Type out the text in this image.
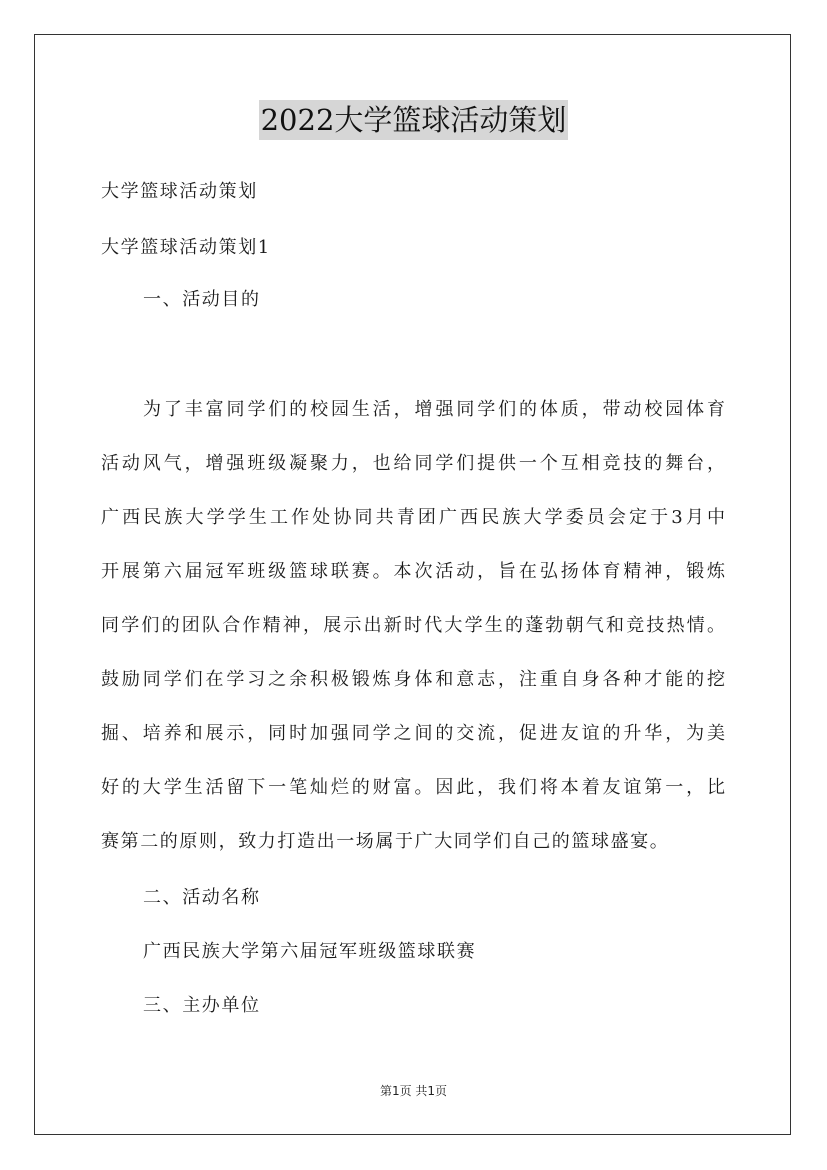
2022大学篮球活动策划
大学篮球活动策划
大学篮球活动策划1
一、活动目的
为了丰富同学们的校园生活，增强同学们的体质，带动校园体育
活动风气，增强班级凝聚力，也给同学们提供一个互相竞技的舞台，
广西民族大学学生工作处协同共青团广西民族大学委员会定于3月中
开展第六届冠军班级篮球联赛。本次活动，旨在弘扬体育精神，锻炼
同学们的团队合作精神，展示出新时代大学生的蓬勃朝气和竞技热情。
鼓励同学们在学习之余积极锻炼身体和意志，注重自身各种才能的挖
掘、培养和展示，同时加强同学之间的交流，促进友谊的升华，为美
好的大学生活留下一笔灿烂的财富。因此，我们将本着友谊第一，比
赛第二的原则，致力打造出一场属于广大同学们自己的篮球盛宴。
二、活动名称
广西民族大学第六届冠军班级篮球联赛
三、主办单位
第1页 共1页
